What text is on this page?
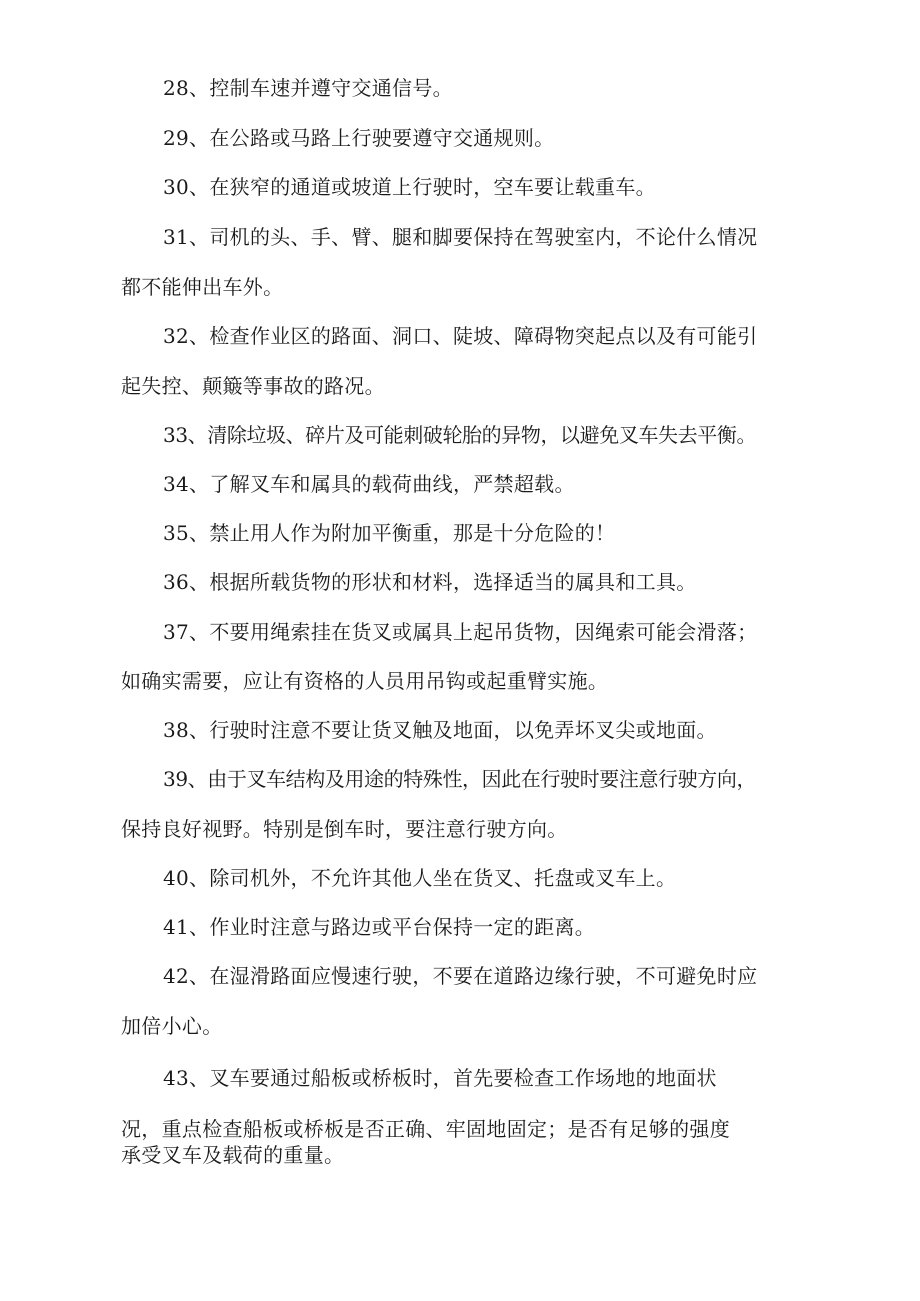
28、控制车速并遵守交通信号。
29、在公路或马路上行驶要遵守交通规则。
30、在狭窄的通道或坡道上行驶时，空车要让载重车。
31、司机的头、手、臂、腿和脚要保持在驾驶室内，不论什么情况
都不能伸出车外。
32、检查作业区的路面、洞口、陡坡、障碍物突起点以及有可能引
起失控、颠簸等事故的路况。
33、清除垃圾、碎片及可能刺破轮胎的异物，以避免叉车失去平衡。
34、了解叉车和属具的载荷曲线，严禁超载。
35、禁止用人作为附加平衡重，那是十分危险的！
36、根据所载货物的形状和材料，选择适当的属具和工具。
37、不要用绳索挂在货叉或属具上起吊货物，因绳索可能会滑落；
如确实需要，应让有资格的人员用吊钩或起重臂实施。
38、行驶时注意不要让货叉触及地面，以免弄坏叉尖或地面。
39、由于叉车结构及用途的特殊性，因此在行驶时要注意行驶方向，
保持良好视野。特别是倒车时，要注意行驶方向。
40、除司机外，不允许其他人坐在货叉、托盘或叉车上。
41、作业时注意与路边或平台保持一定的距离。
42、在湿滑路面应慢速行驶，不要在道路边缘行驶，不可避免时应
加倍小心。
43、叉车要通过船板或桥板时，首先要检查工作场地的地面状
况，重点检查船板或桥板是否正确、牢固地固定；是否有足够的强度
承受叉车及载荷的重量。
